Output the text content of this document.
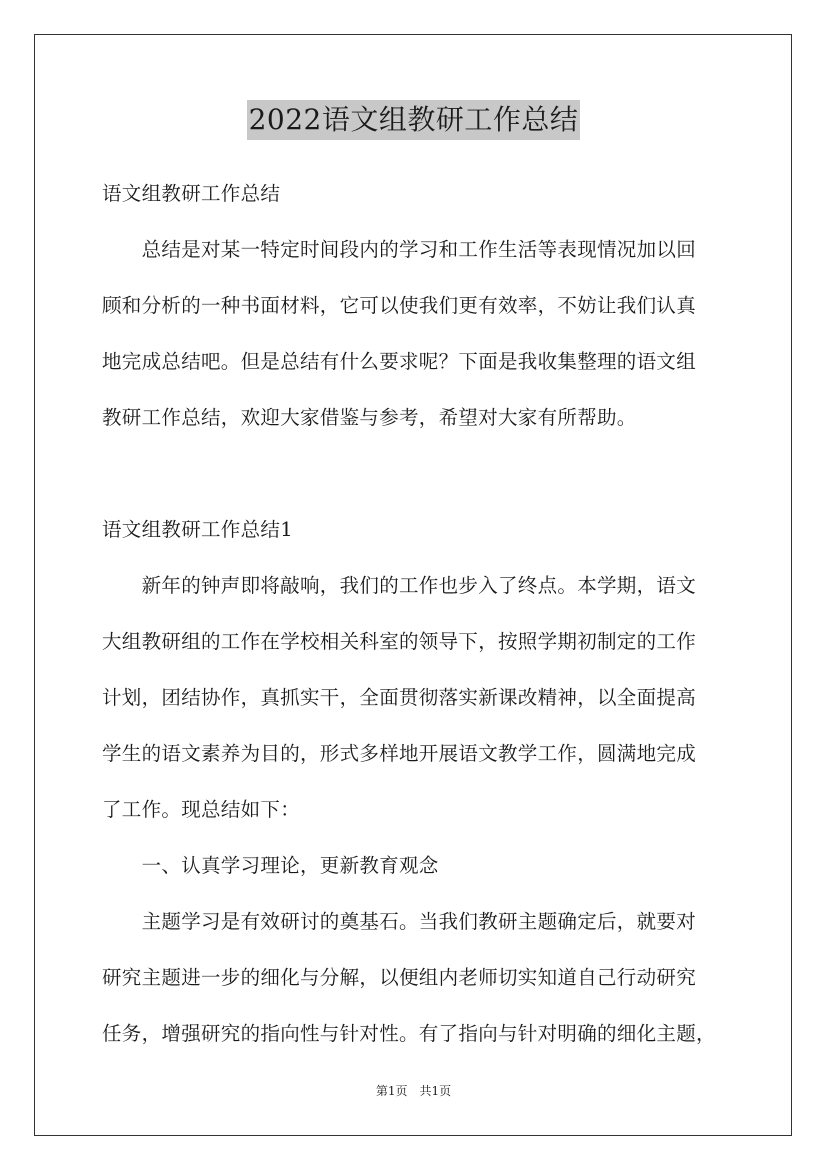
2022语文组教研工作总结
语文组教研工作总结
　　总结是对某一特定时间段内的学习和工作生活等表现情况加以回
顾和分析的一种书面材料，它可以使我们更有效率，不妨让我们认真
地完成总结吧。但是总结有什么要求呢？下面是我收集整理的语文组
教研工作总结，欢迎大家借鉴与参考，希望对大家有所帮助。
语文组教研工作总结1
　　新年的钟声即将敲响，我们的工作也步入了终点。本学期，语文
大组教研组的工作在学校相关科室的领导下，按照学期初制定的工作
计划，团结协作，真抓实干，全面贯彻落实新课改精神，以全面提高
学生的语文素养为目的，形式多样地开展语文教学工作，圆满地完成
了工作。现总结如下：
　　一、认真学习理论，更新教育观念
　　主题学习是有效研讨的奠基石。当我们教研主题确定后，就要对
研究主题进一步的细化与分解，以便组内老师切实知道自己行动研究
任务，增强研究的指向性与针对性。有了指向与针对明确的细化主题，
第1页　共1页
